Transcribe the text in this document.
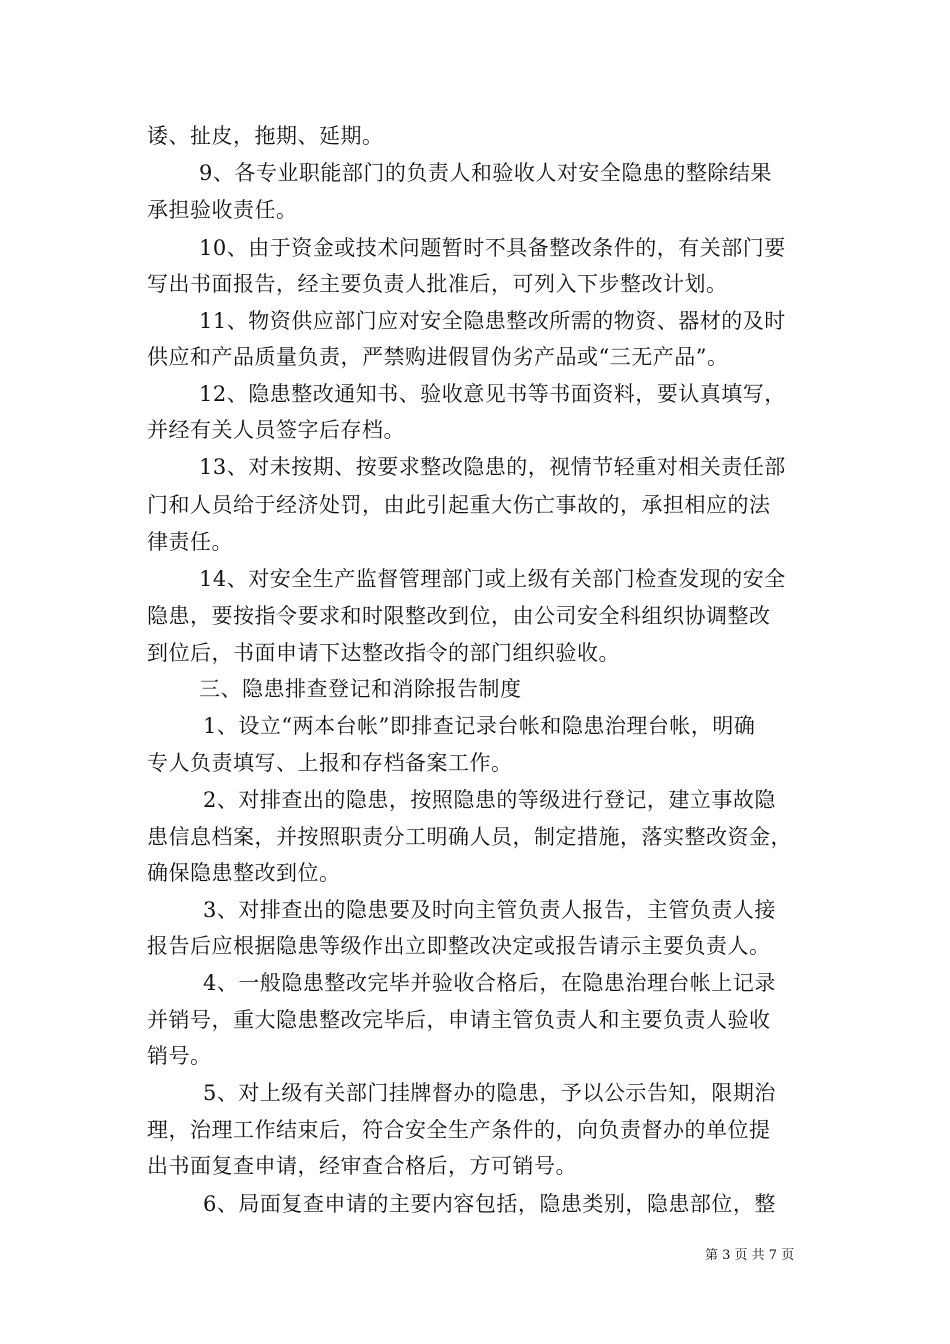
诿、扯皮，拖期、延期。
9、各专业职能部门的负责人和验收人对安全隐患的整除结果
承担验收责任。
10、由于资金或技术问题暂时不具备整改条件的，有关部门要
写出书面报告，经主要负责人批准后，可列入下步整改计划。
11、物资供应部门应对安全隐患整改所需的物资、器材的及时
供应和产品质量负责，严禁购进假冒伪劣产品或“三无产品”。
12、隐患整改通知书、验收意见书等书面资料，要认真填写，
并经有关人员签字后存档。
13、对未按期、按要求整改隐患的，视情节轻重对相关责任部
门和人员给于经济处罚，由此引起重大伤亡事故的，承担相应的法
律责任。
14、对安全生产监督管理部门或上级有关部门检查发现的安全
隐患，要按指令要求和时限整改到位，由公司安全科组织协调整改
到位后，书面申请下达整改指令的部门组织验收。
三、隐患排查登记和消除报告制度
1、设立“两本台帐”即排查记录台帐和隐患治理台帐，明确
专人负责填写、上报和存档备案工作。
2、对排查出的隐患，按照隐患的等级进行登记，建立事故隐
患信息档案，并按照职责分工明确人员，制定措施，落实整改资金，
确保隐患整改到位。
3、对排查出的隐患要及时向主管负责人报告，主管负责人接
报告后应根据隐患等级作出立即整改决定或报告请示主要负责人。
4、一般隐患整改完毕并验收合格后，在隐患治理台帐上记录
并销号，重大隐患整改完毕后，申请主管负责人和主要负责人验收
销号。
5、对上级有关部门挂牌督办的隐患，予以公示告知，限期治
理，治理工作结束后，符合安全生产条件的，向负责督办的单位提
出书面复查申请，经审查合格后，方可销号。
6、局面复查申请的主要内容包括，隐患类别，隐患部位，整
第 3 页 共 7 页
